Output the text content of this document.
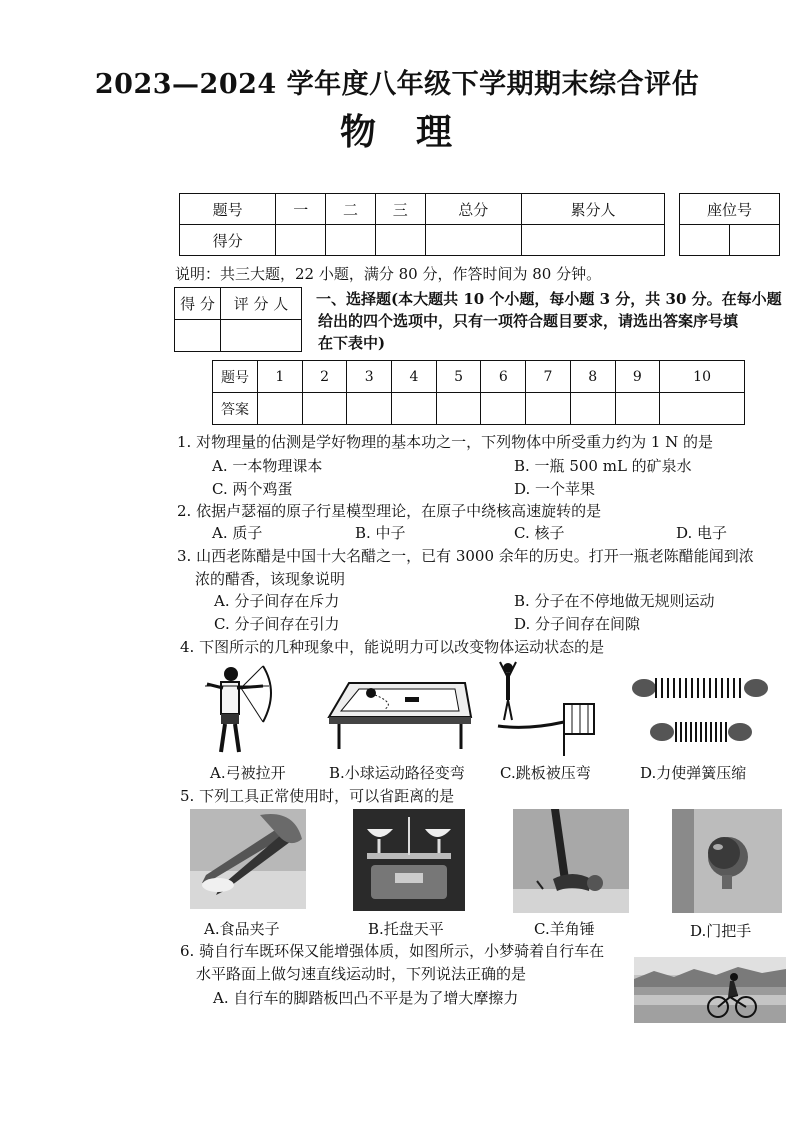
2023—2024 学年度八年级下学期期末综合评估
物　理
题号	一	二	三	总分	累分人
得分					
座位号

说明：共三大题，22 小题，满分 80 分，作答时间为 80 分钟。
得 分	评 分 人
	一、选择题(本大题共 10 个小题，每小题 3 分，共 30 分。在每小题
给出的四个选项中，只有一项符合题目要求，请选出答案序号填
在下表中)
题号	1	2	3	4	5	6	7	8	9	10
答案										
1. 对物理量的估测是学好物理的基本功之一，下列物体中所受重力约为 1 N 的是
A. 一本物理课本	B. 一瓶 500 mL 的矿泉水
C. 两个鸡蛋	D. 一个苹果
2. 依据卢瑟福的原子行星模型理论，在原子中绕核高速旋转的是
A. 质子	B. 中子	C. 核子	D. 电子
3. 山西老陈醋是中国十大名醋之一，已有 3000 余年的历史。打开一瓶老陈醋能闻到浓
浓的醋香，该现象说明
A. 分子间存在斥力	B. 分子在不停地做无规则运动
C. 分子间存在引力	D. 分子间存在间隙
4. 下图所示的几种现象中，能说明力可以改变物体运动状态的是
A.弓被拉开	B.小球运动路径变弯 C.跳板被压弯	D.力使弹簧压缩
5. 下列工具正常使用时，可以省距离的是
A.食品夹子	B.托盘天平	C.羊角锤	D.门把手
6. 骑自行车既环保又能增强体质，如图所示，小梦骑着自行车在
水平路面上做匀速直线运动时，下列说法正确的是
A. 自行车的脚踏板凹凸不平是为了增大摩擦力
